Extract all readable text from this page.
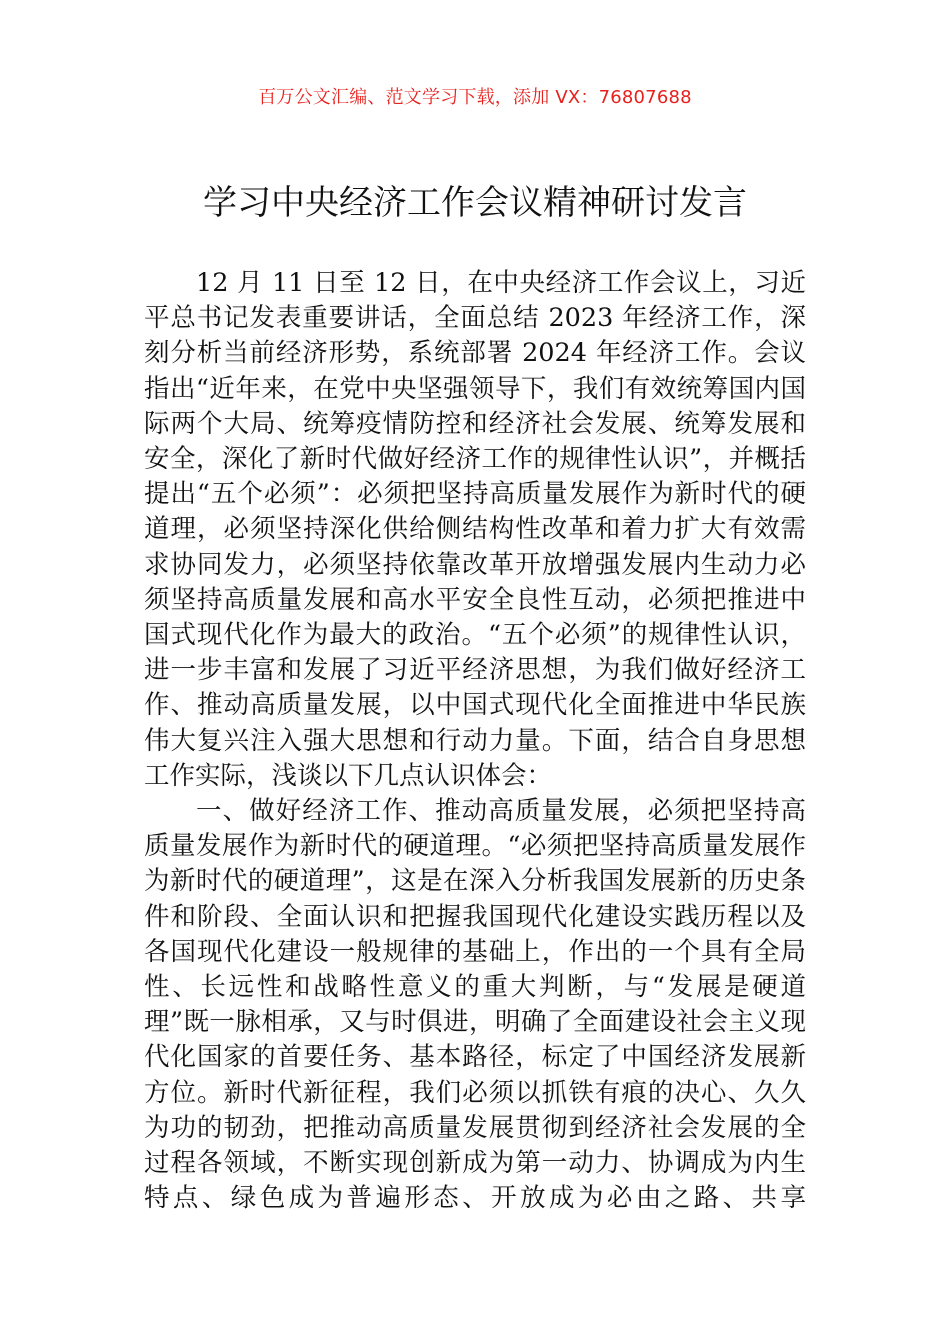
百万公文汇编、范文学习下载，添加 VX：76807688
学习中央经济工作会议精神研讨发言

12 月 11 日至 12 日，在中央经济工作会议上，习近平总书记发表重要讲话，全面总结 2023 年经济工作，深刻分析当前经济形势，系统部署 2024 年经济工作。会议指出“近年来，在党中央坚强领导下，我们有效统筹国内国际两个大局、统筹疫情防控和经济社会发展、统筹发展和安全，深化了新时代做好经济工作的规律性认识”，并概括提出“五个必须”：必须把坚持高质量发展作为新时代的硬道理，必须坚持深化供给侧结构性改革和着力扩大有效需求协同发力，必须坚持依靠改革开放增强发展内生动力必须坚持高质量发展和高水平安全良性互动，必须把推进中国式现代化作为最大的政治。“五个必须”的规律性认识，进一步丰富和发展了习近平经济思想，为我们做好经济工作、推动高质量发展，以中国式现代化全面推进中华民族伟大复兴注入强大思想和行动力量。下面，结合自身思想工作实际，浅谈以下几点认识体会：

一、做好经济工作、推动高质量发展，必须把坚持高质量发展作为新时代的硬道理。“必须把坚持高质量发展作为新时代的硬道理”，这是在深入分析我国发展新的历史条件和阶段、全面认识和把握我国现代化建设实践历程以及各国现代化建设一般规律的基础上，作出的一个具有全局性、长远性和战略性意义的重大判断，与“发展是硬道理”既一脉相承，又与时俱进，明确了全面建设社会主义现代化国家的首要任务、基本路径，标定了中国经济发展新方位。新时代新征程，我们必须以抓铁有痕的决心、久久为功的韧劲，把推动高质量发展贯彻到经济社会发展的全过程各领域，不断实现创新成为第一动力、协调成为内生特点、绿色成为普遍形态、开放成为必由之路、共享
